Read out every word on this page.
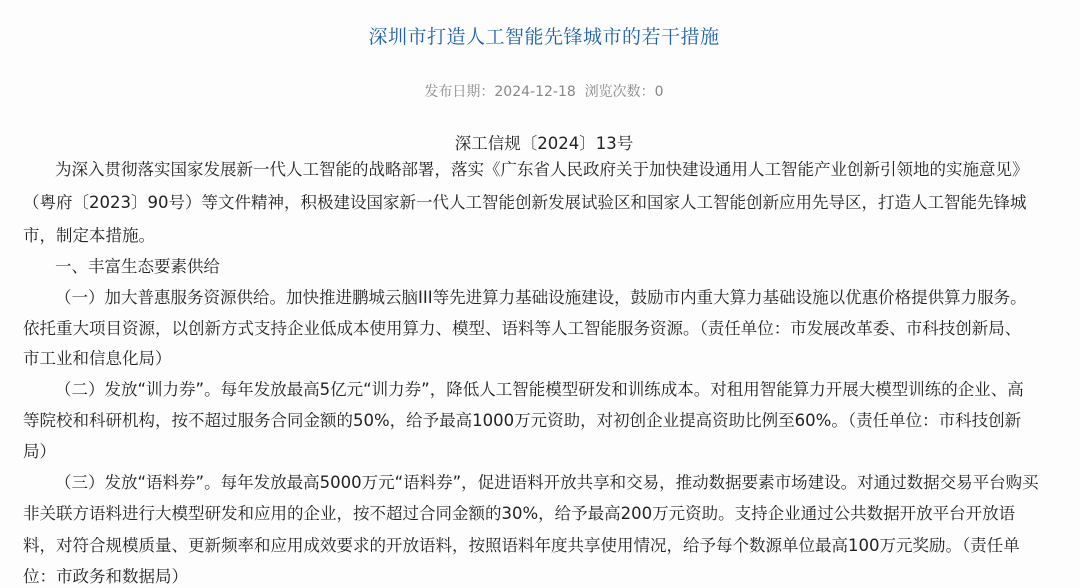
深圳市打造人工智能先锋城市的若干措施
发布日期：2024-12-18 浏览次数：0
深工信规〔2024〕13号
为深入贯彻落实国家发展新一代人工智能的战略部署，落实《广东省人民政府关于加快建设通用人工智能产业创新引领地的实施意见》
（粤府〔2023〕90号）等文件精神，积极建设国家新一代人工智能创新发展试验区和国家人工智能创新应用先导区，打造人工智能先锋城
市，制定本措施。
一、丰富生态要素供给
（一）加大普惠服务资源供给。加快推进鹏城云脑III等先进算力基础设施建设，鼓励市内重大算力基础设施以优惠价格提供算力服务。
依托重大项目资源，以创新方式支持企业低成本使用算力、模型、语料等人工智能服务资源。（责任单位：市发展改革委、市科技创新局、
市工业和信息化局）
（二）发放“训力券”。每年发放最高5亿元“训力券”，降低人工智能模型研发和训练成本。对租用智能算力开展大模型训练的企业、高
等院校和科研机构，按不超过服务合同金额的50%，给予最高1000万元资助，对初创企业提高资助比例至60%。（责任单位：市科技创新
局）
（三）发放“语料券”。每年发放最高5000万元“语料券”，促进语料开放共享和交易，推动数据要素市场建设。对通过数据交易平台购买
非关联方语料进行大模型研发和应用的企业，按不超过合同金额的30%，给予最高200万元资助。支持企业通过公共数据开放平台开放语
料，对符合规模质量、更新频率和应用成效要求的开放语料，按照语料年度共享使用情况，给予每个数源单位最高100万元奖励。（责任单
位：市政务和数据局）
